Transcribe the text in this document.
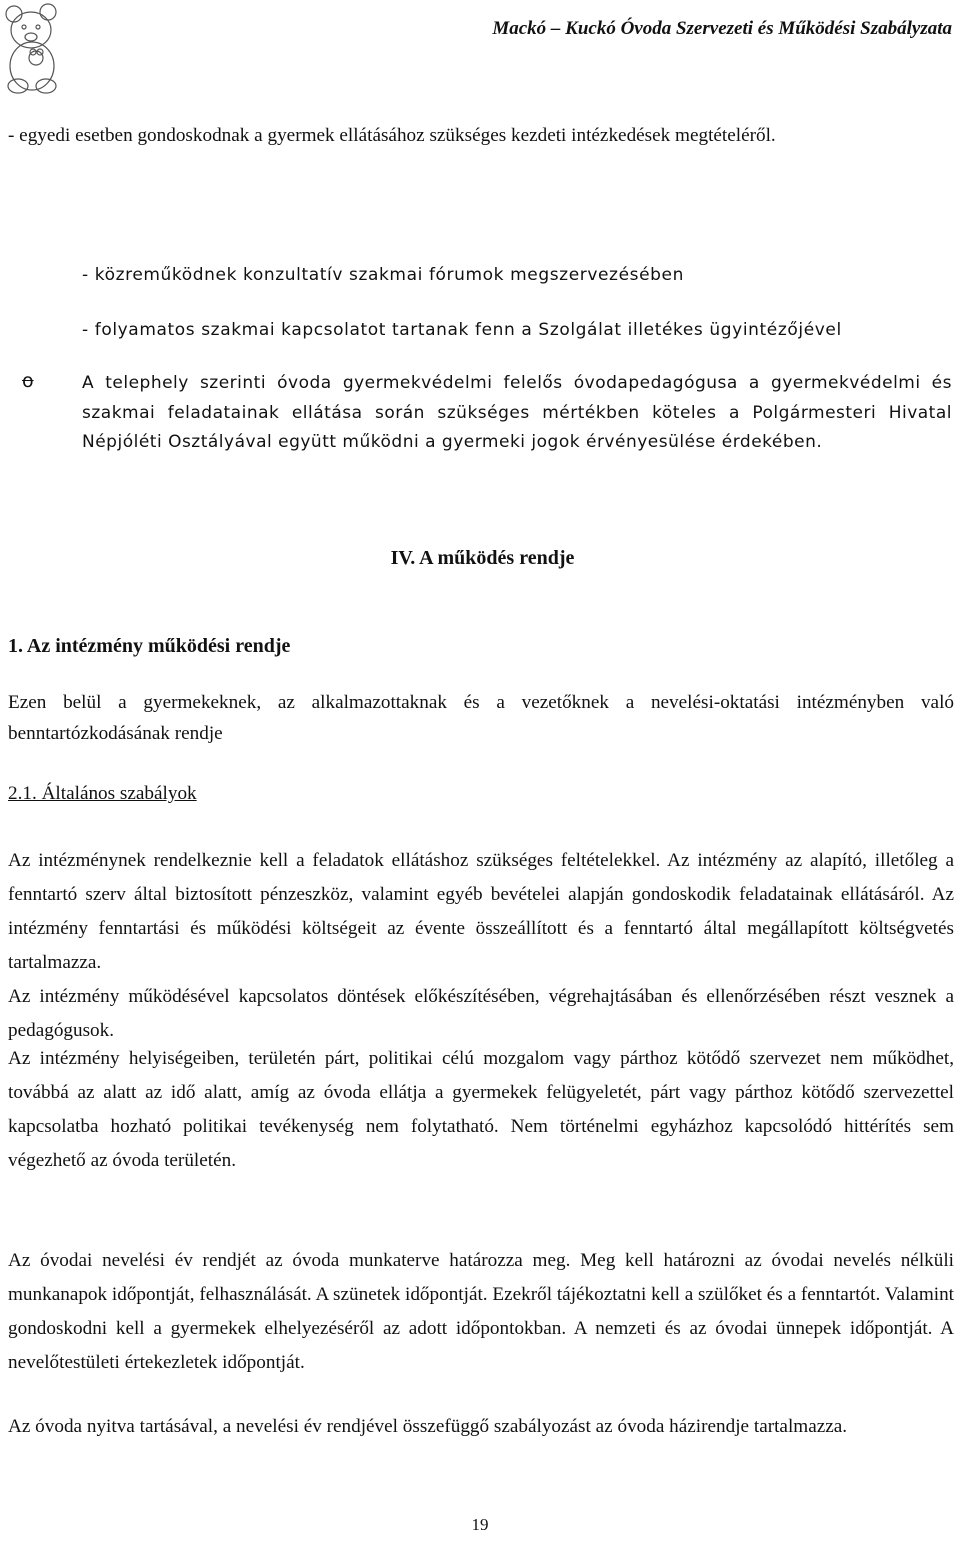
Mackó – Kuckó Óvoda Szervezeti és Működési Szabályzata

- egyedi esetben gondoskodnak a gyermek ellátásához szükséges kezdeti intézkedések megtételéről.

- közreműködnek konzultatív szakmai fórumok megszervezésében
- folyamatos szakmai kapcsolatot tartanak fenn a Szolgálat illetékes ügyintézőjével
o	A telephely szerinti óvoda gyermekvédelmi felelős óvodapedagógusa a gyermekvédelmi és szakmai feladatainak ellátása során szükséges mértékben köteles a Polgármesteri Hivatal Népjóléti Osztályával együtt működni a gyermeki jogok érvényesülése érdekében.

IV. A működés rendje
1. Az intézmény működési rendje

Ezen belül a gyermekeknek, az alkalmazottaknak és a vezetőknek a nevelési-oktatási intézményben való benntartózkodásának rendje

2.1. Általános szabályok

Az intézménynek rendelkeznie kell a feladatok ellátáshoz szükséges feltételekkel. Az intézmény az alapító, illetőleg a fenntartó szerv által biztosított pénzeszköz, valamint egyéb bevételei alapján gondoskodik feladatainak ellátásáról. Az intézmény fenntartási és működési költségeit az évente összeállított és a fenntartó által megállapított költségvetés tartalmazza.

Az intézmény működésével kapcsolatos döntések előkészítésében, végrehajtásában és ellenőrzésében részt vesznek a pedagógusok.

Az intézmény helyiségeiben, területén párt, politikai célú mozgalom vagy párthoz kötődő szervezet nem működhet, továbbá az alatt az idő alatt, amíg az óvoda ellátja a gyermekek felügyeletét, párt vagy párthoz kötődő szervezettel kapcsolatba hozható politikai tevékenység nem folytatható. Nem történelmi egyházhoz kapcsolódó hittérítés sem végezhető az óvoda területén.

Az óvodai nevelési év rendjét az óvoda munkaterve határozza meg. Meg kell határozni az óvodai nevelés nélküli munkanapok időpontját, felhasználását. A szünetek időpontját. Ezekről tájékoztatni kell a szülőket és a fenntartót. Valamint gondoskodni kell a gyermekek elhelyezéséről az adott időpontokban. A nemzeti és az óvodai ünnepek időpontját. A nevelőtestületi értekezletek időpontját.

Az óvoda nyitva tartásával, a nevelési év rendjével összefüggő szabályozást az óvoda házirendje tartalmazza.

19
